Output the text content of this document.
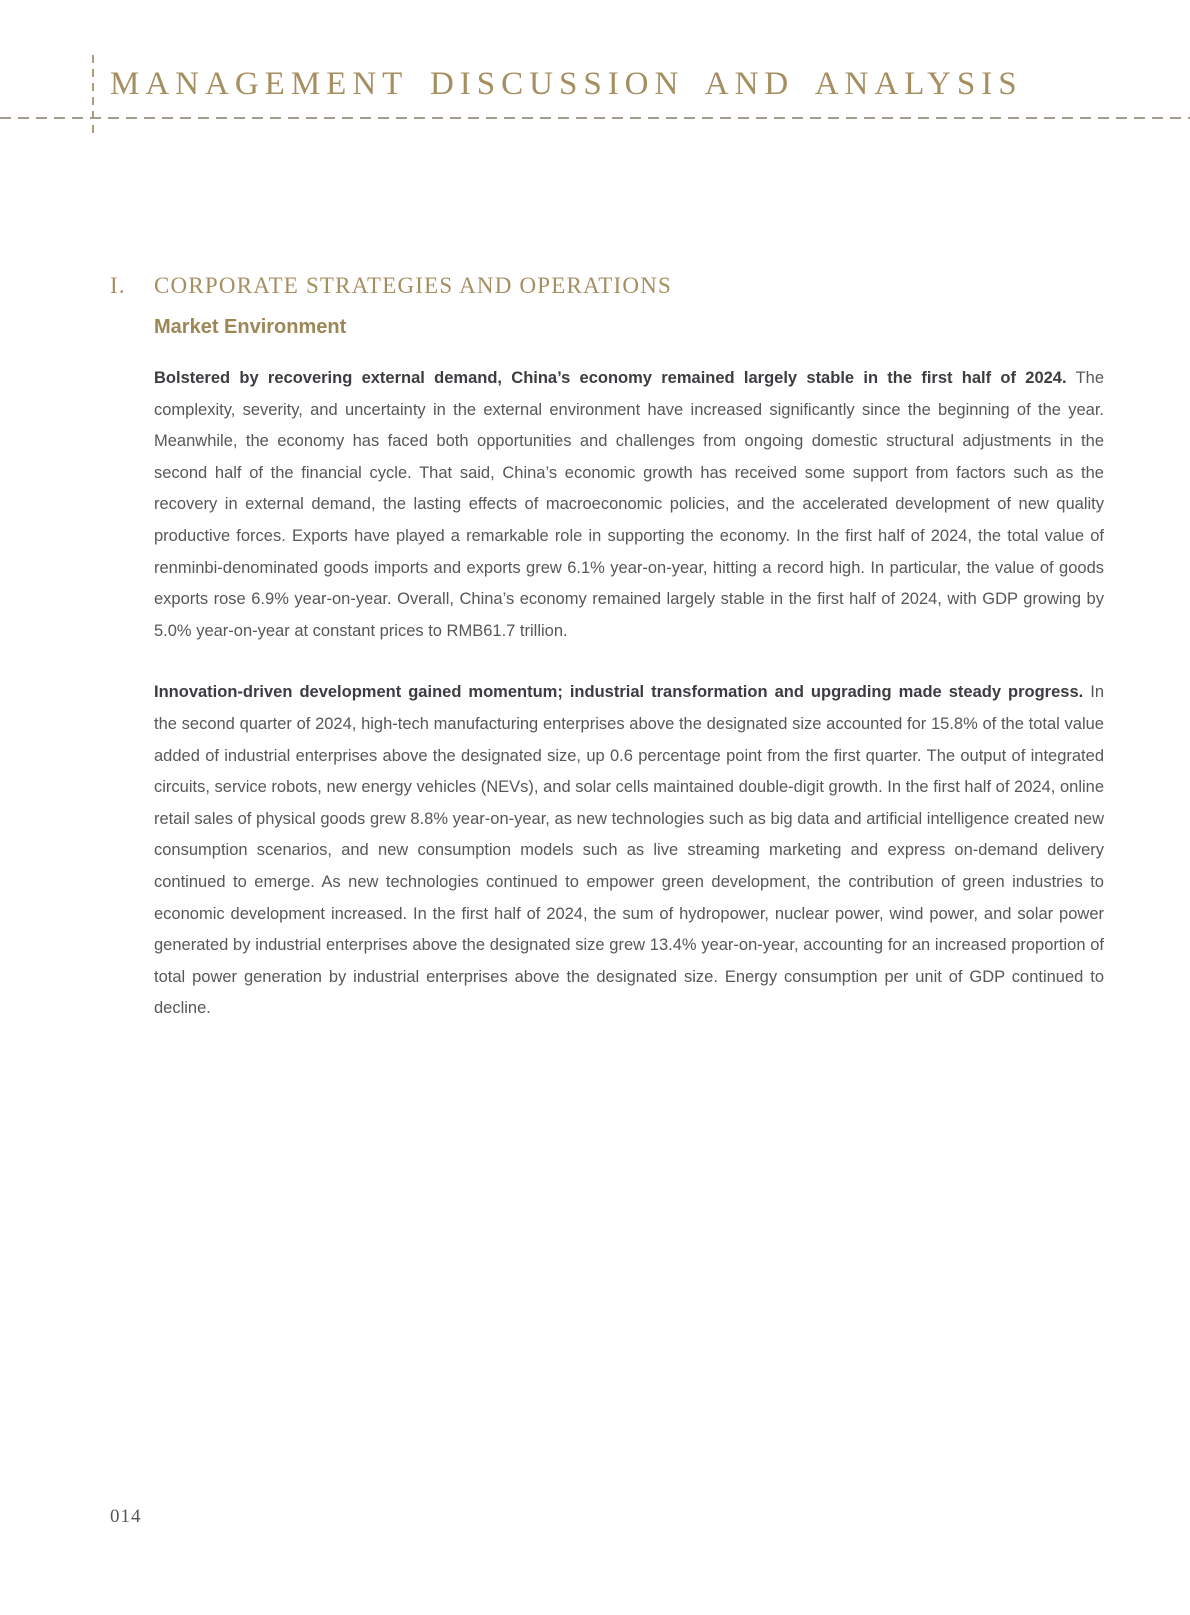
MANAGEMENT DISCUSSION AND ANALYSIS
I. CORPORATE STRATEGIES AND OPERATIONS
Market Environment

Bolstered by recovering external demand, China’s economy remained largely stable in the first half of 2024. The complexity, severity, and uncertainty in the external environment have increased significantly since the beginning of the year. Meanwhile, the economy has faced both opportunities and challenges from ongoing domestic structural adjustments in the second half of the financial cycle. That said, China’s economic growth has received some support from factors such as the recovery in external demand, the lasting effects of macroeconomic policies, and the accelerated development of new quality productive forces. Exports have played a remarkable role in supporting the economy. In the first half of 2024, the total value of renminbi-denominated goods imports and exports grew 6.1% year-on-year, hitting a record high. In particular, the value of goods exports rose 6.9% year-on-year. Overall, China’s economy remained largely stable in the first half of 2024, with GDP growing by 5.0% year-on-year at constant prices to RMB61.7 trillion.

Innovation-driven development gained momentum; industrial transformation and upgrading made steady progress. In the second quarter of 2024, high-tech manufacturing enterprises above the designated size accounted for 15.8% of the total value added of industrial enterprises above the designated size, up 0.6 percentage point from the first quarter. The output of integrated circuits, service robots, new energy vehicles (NEVs), and solar cells maintained double-digit growth. In the first half of 2024, online retail sales of physical goods grew 8.8% year-on-year, as new technologies such as big data and artificial intelligence created new consumption scenarios, and new consumption models such as live streaming marketing and express on-demand delivery continued to emerge. As new technologies continued to empower green development, the contribution of green industries to economic development increased. In the first half of 2024, the sum of hydropower, nuclear power, wind power, and solar power generated by industrial enterprises above the designated size grew 13.4% year-on-year, accounting for an increased proportion of total power generation by industrial enterprises above the designated size. Energy consumption per unit of GDP continued to decline.

014
